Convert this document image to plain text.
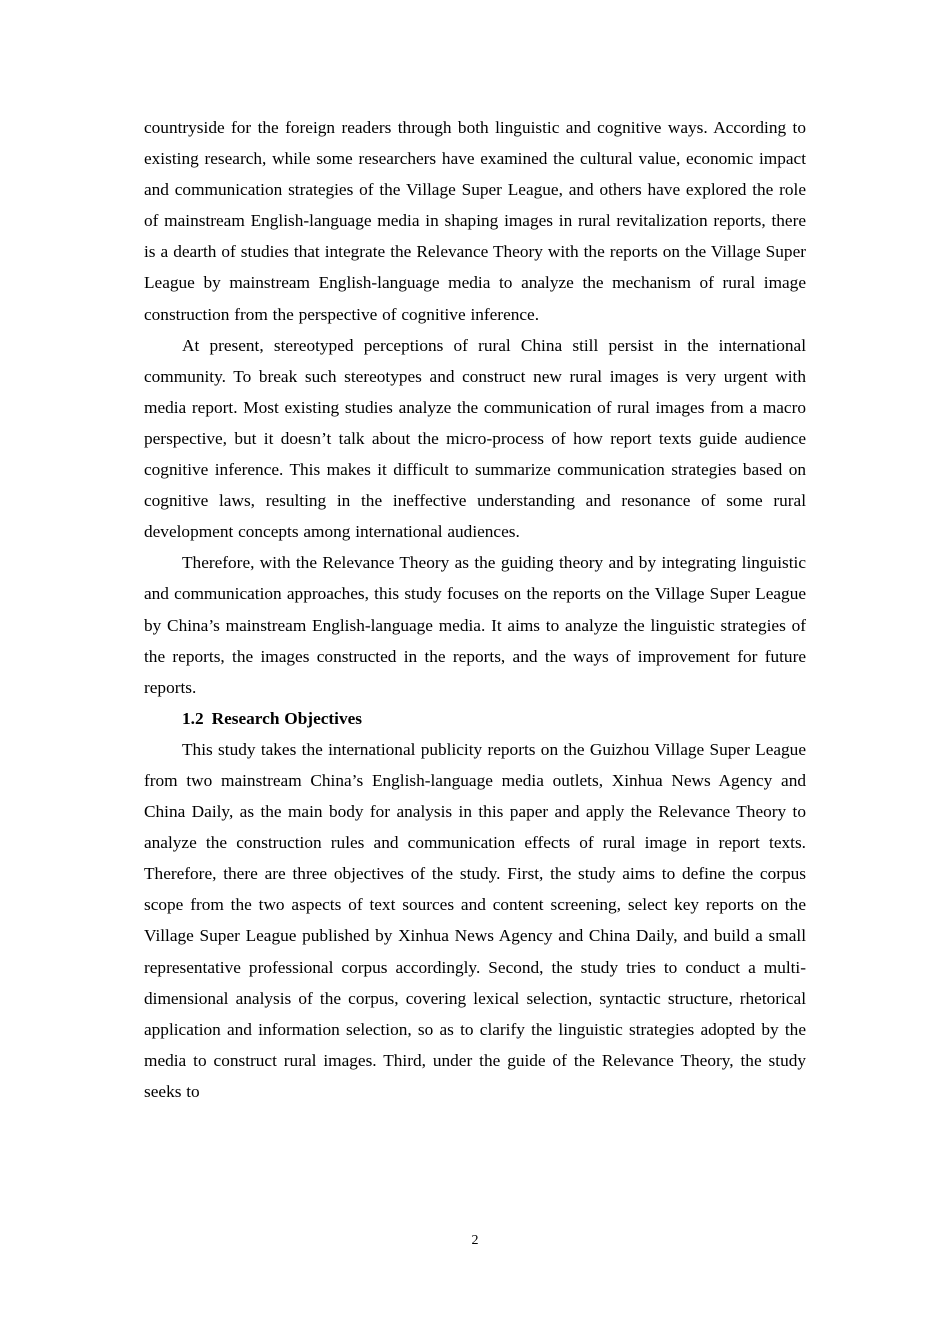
countryside for the foreign readers through both linguistic and cognitive ways. According to existing research, while some researchers have examined the cultural value, economic impact and communication strategies of the Village Super League, and others have explored the role of mainstream English-language media in shaping images in rural revitalization reports, there is a dearth of studies that integrate the Relevance Theory with the reports on the Village Super League by mainstream English-language media to analyze the mechanism of rural image construction from the perspective of cognitive inference.

At present, stereotyped perceptions of rural China still persist in the international community. To break such stereotypes and construct new rural images is very urgent with media report. Most existing studies analyze the communication of rural images from a macro perspective, but it doesn’t talk about the micro-process of how report texts guide audience cognitive inference. This makes it difficult to summarize communication strategies based on cognitive laws, resulting in the ineffective understanding and resonance of some rural development concepts among international audiences.

Therefore, with the Relevance Theory as the guiding theory and by integrating linguistic and communication approaches, this study focuses on the reports on the Village Super League by China’s mainstream English-language media. It aims to analyze the linguistic strategies of the reports, the images constructed in the reports, and the ways of improvement for future reports.

1.2 Research Objectives

This study takes the international publicity reports on the Guizhou Village Super League from two mainstream China’s English-language media outlets, Xinhua News Agency and China Daily, as the main body for analysis in this paper and apply the Relevance Theory to analyze the construction rules and communication effects of rural image in report texts. Therefore, there are three objectives of the study. First, the study aims to define the corpus scope from the two aspects of text sources and content screening, select key reports on the Village Super League published by Xinhua News Agency and China Daily, and build a small representative professional corpus accordingly. Second, the study tries to conduct a multi-dimensional analysis of the corpus, covering lexical selection, syntactic structure, rhetorical application and information selection, so as to clarify the linguistic strategies adopted by the media to construct rural images. Third, under the guide of the Relevance Theory, the study seeks to

2
